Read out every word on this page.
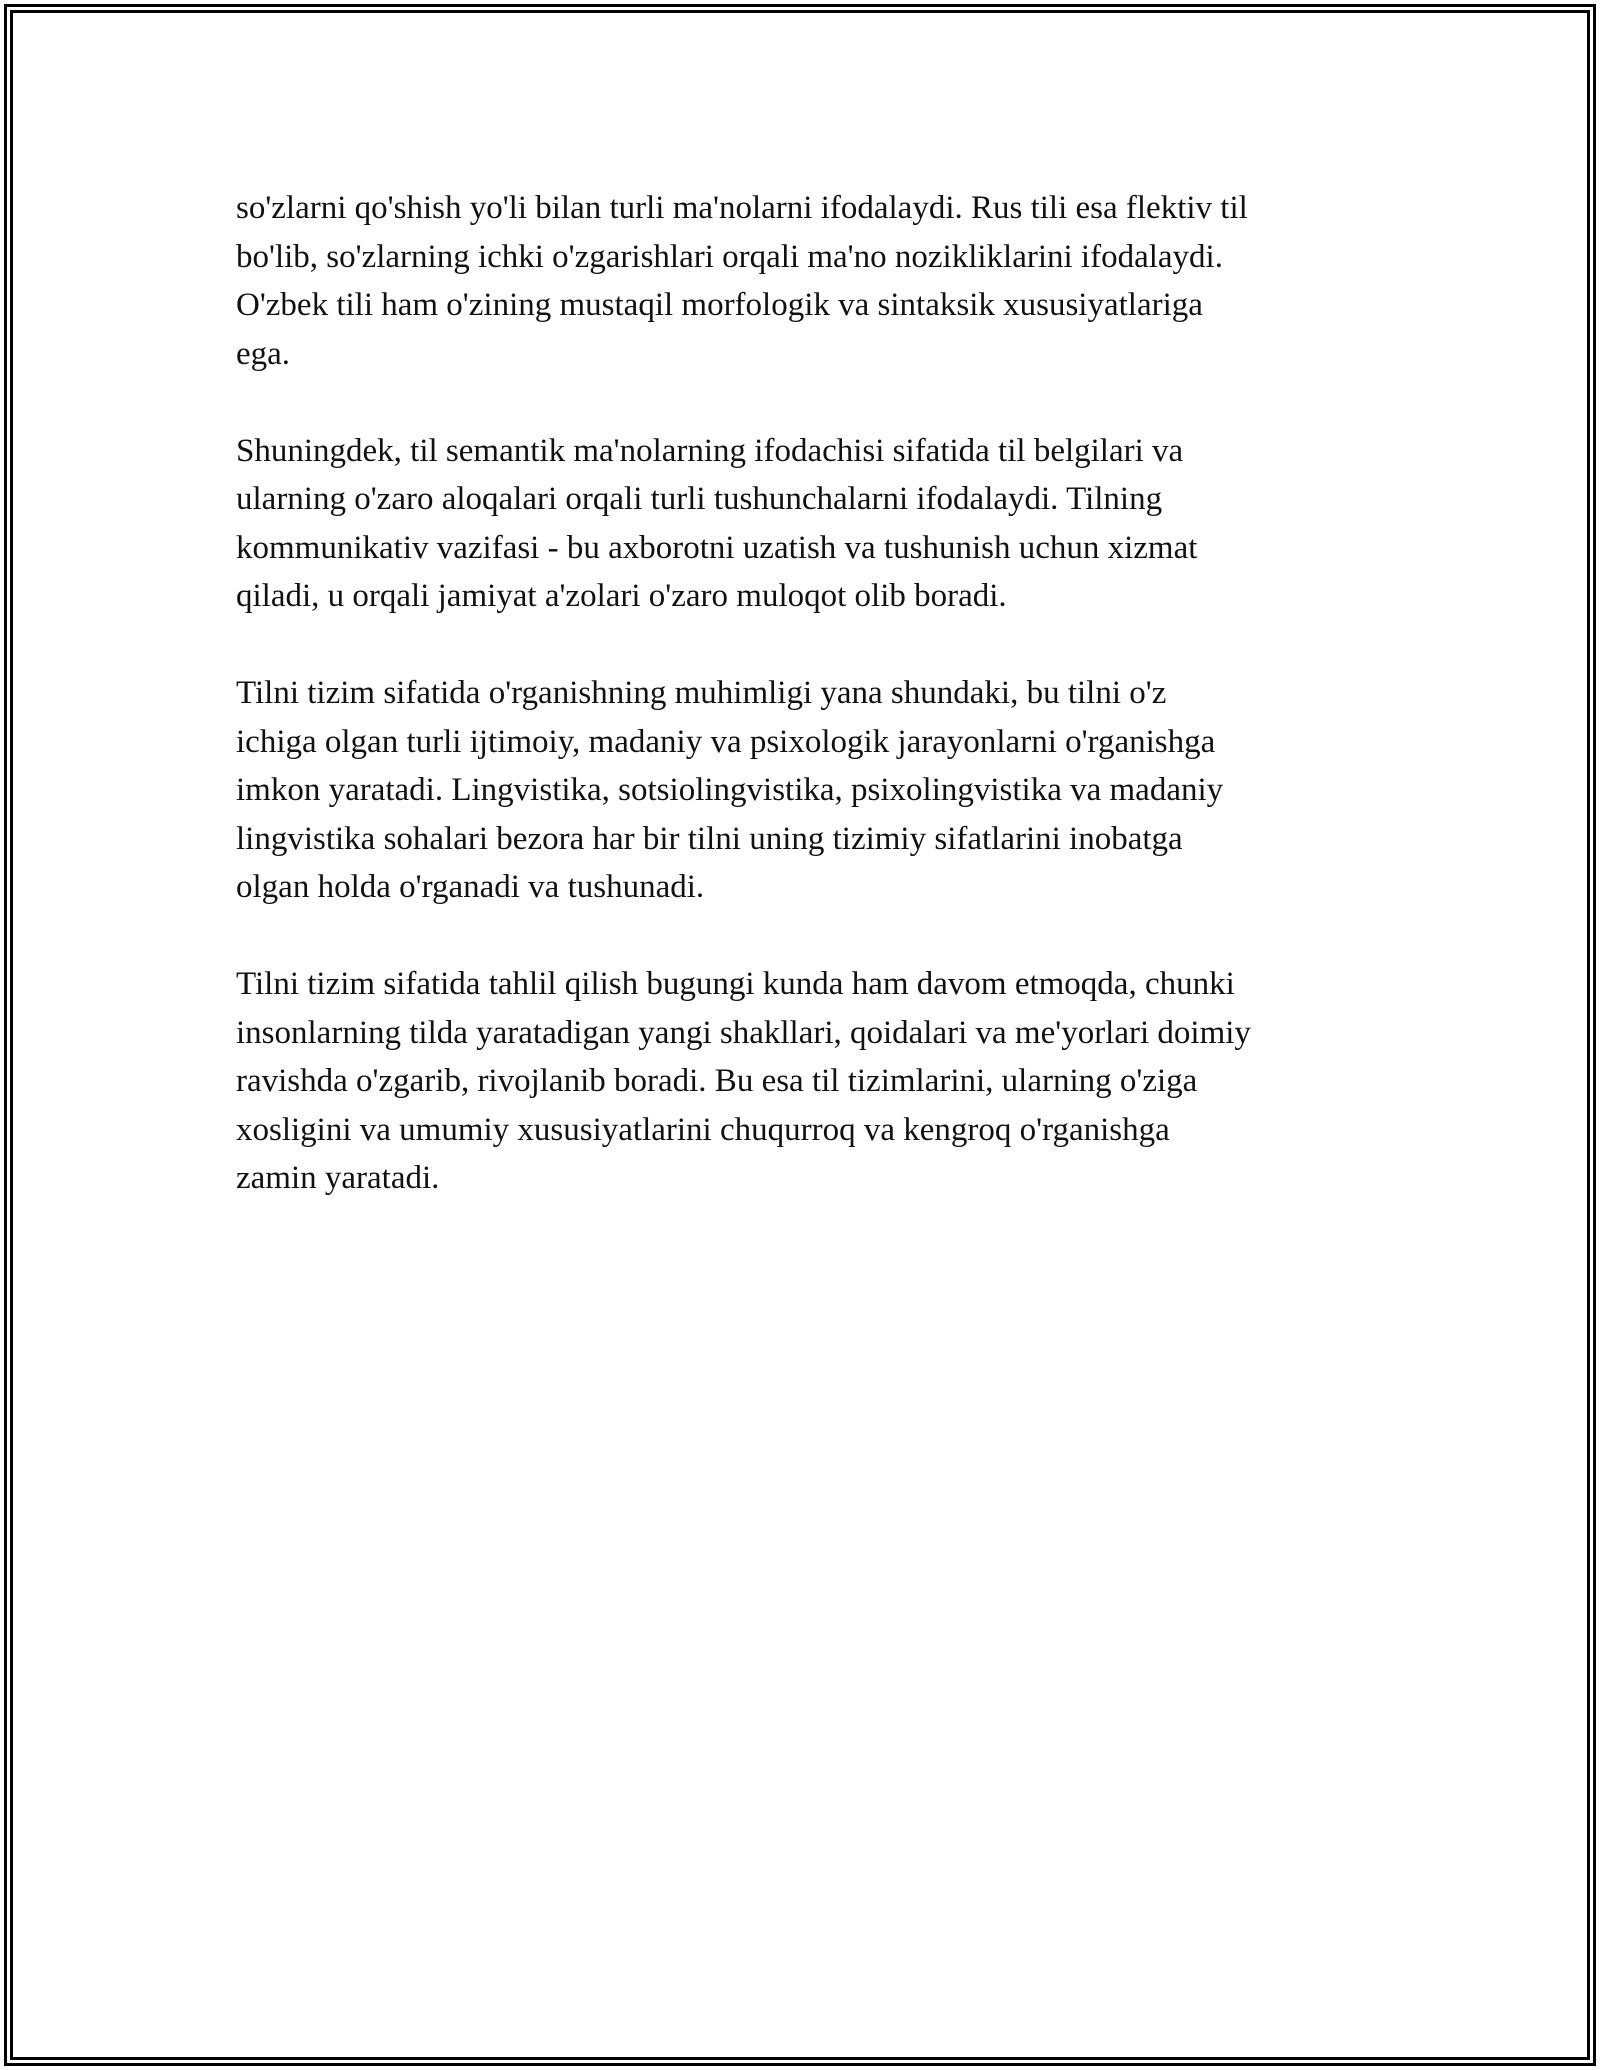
so'zlarni qo'shish yo'li bilan turli ma'nolarni ifodalaydi. Rus tili esa flektiv til
bo'lib, so'zlarning ichki o'zgarishlari orqali ma'no nozikliklarini ifodalaydi.
O'zbek tili ham o'zining mustaqil morfologik va sintaksik xususiyatlariga
ega.

Shuningdek, til semantik ma'nolarning ifodachisi sifatida til belgilari va
ularning o'zaro aloqalari orqali turli tushunchalarni ifodalaydi. Tilning
kommunikativ vazifasi - bu axborotni uzatish va tushunish uchun xizmat
qiladi, u orqali jamiyat a'zolari o'zaro muloqot olib boradi.

Tilni tizim sifatida o'rganishning muhimligi yana shundaki, bu tilni o'z
ichiga olgan turli ijtimoiy, madaniy va psixologik jarayonlarni o'rganishga
imkon yaratadi. Lingvistika, sotsiolingvistika, psixolingvistika va madaniy
lingvistika sohalari bezora har bir tilni uning tizimiy sifatlarini inobatga
olgan holda o'rganadi va tushunadi.

Tilni tizim sifatida tahlil qilish bugungi kunda ham davom etmoqda, chunki
insonlarning tilda yaratadigan yangi shakllari, qoidalari va me'yorlari doimiy
ravishda o'zgarib, rivojlanib boradi. Bu esa til tizimlarini, ularning o'ziga
xosligini va umumiy xususiyatlarini chuqurroq va kengroq o'rganishga
zamin yaratadi.
